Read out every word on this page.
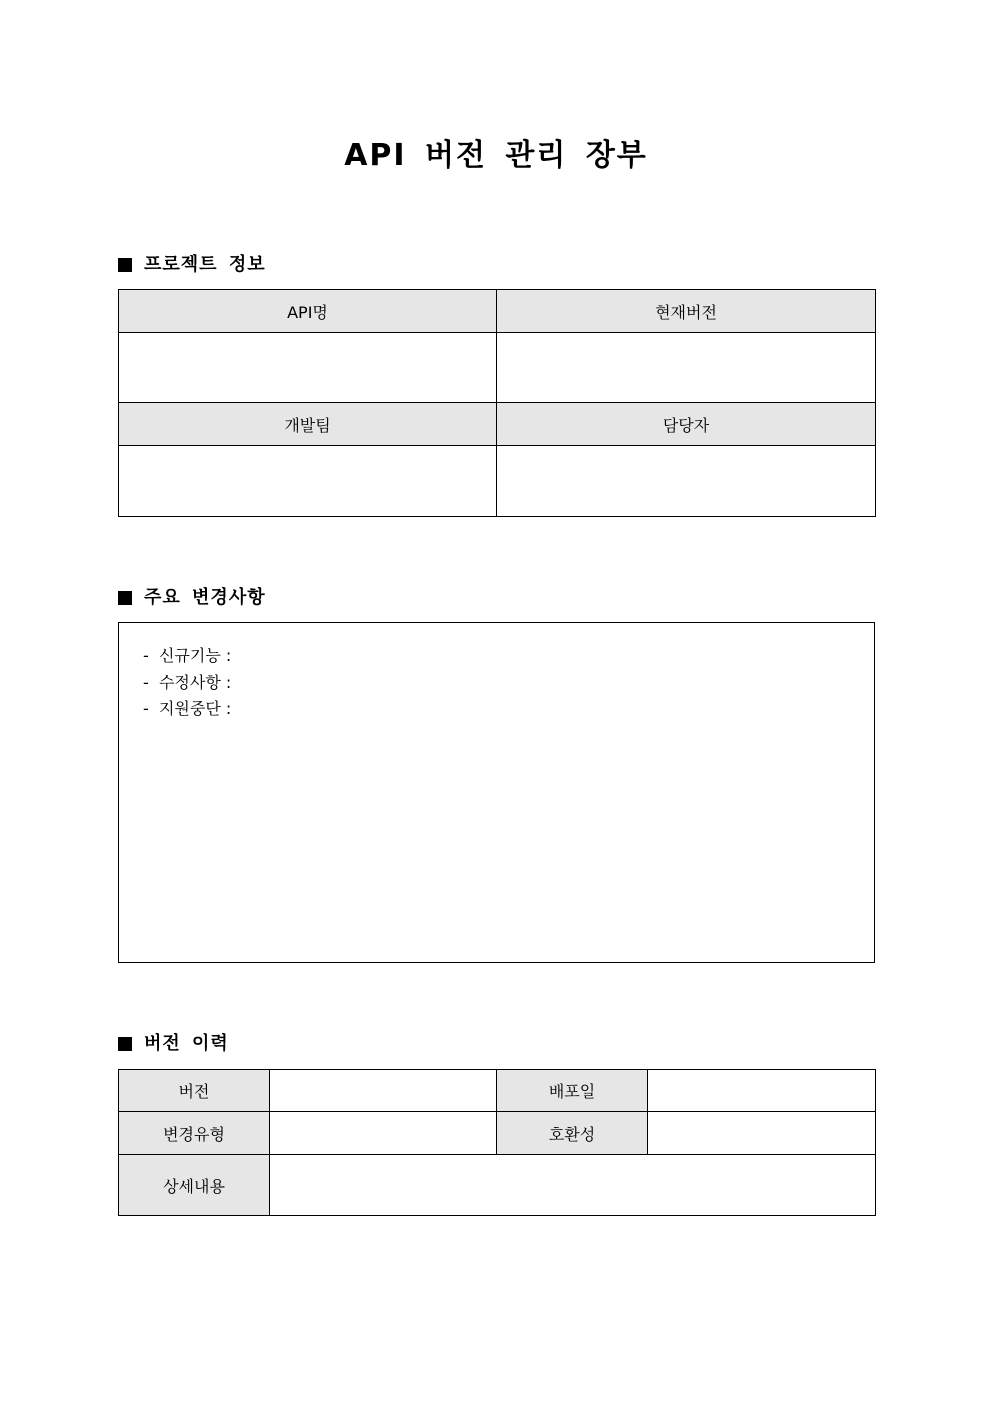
API 버전 관리 장부
프로젝트 정보
API명	현재버전

개발팀	담당자

주요 변경사항
-  신규기능 :
-  수정사항 :
-  지원중단 :
버전 이력
버전		배포일	
변경유형		호환성	
상세내용			
